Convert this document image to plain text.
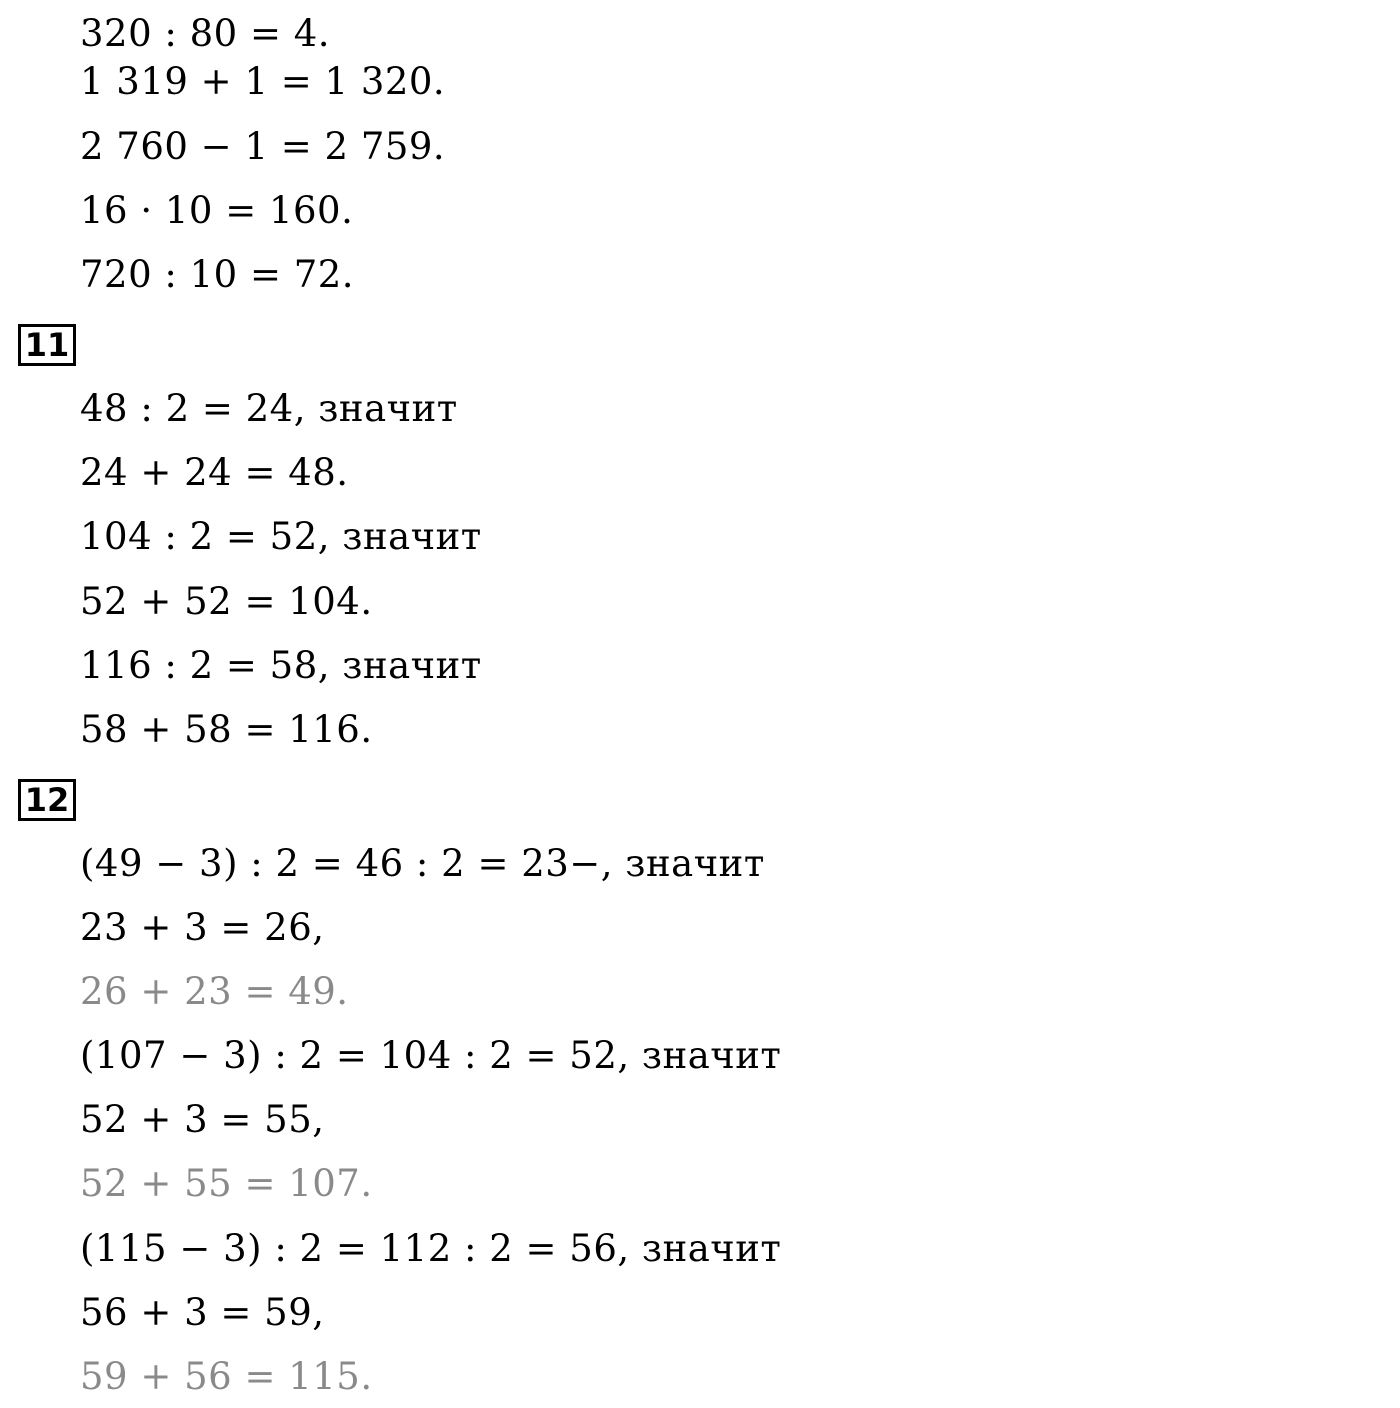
320 : 80 = 4.
1 319 + 1 = 1 320.
2 760 − 1 = 2 759.
16 · 10 = 160.
720 : 10 = 72.
11
48 : 2 = 24, значит
24 + 24 = 48.
104 : 2 = 52, значит
52 + 52 = 104.
116 : 2 = 58, значит
58 + 58 = 116.
12
(49 − 3) : 2 = 46 : 2 = 23−, значит
23 + 3 = 26,
26 + 23 = 49.
(107 − 3) : 2 = 104 : 2 = 52, значит
52 + 3 = 55,
52 + 55 = 107.
(115 − 3) : 2 = 112 : 2 = 56, значит
56 + 3 = 59,
59 + 56 = 115.
